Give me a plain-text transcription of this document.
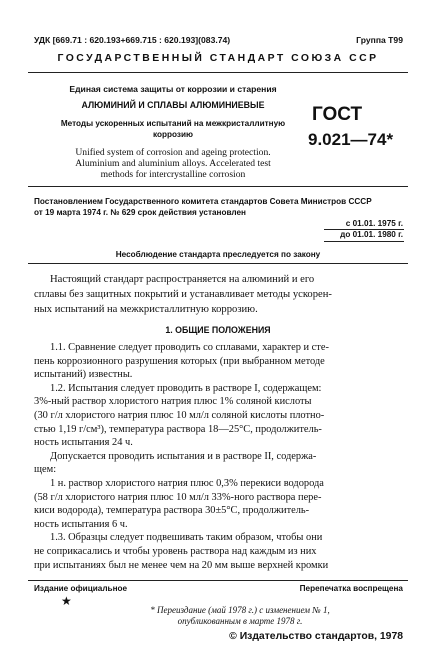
УДК [669.71 : 620.193+669.715 : 620.193](083.74)	Группа Т99
ГОСУДАРСТВЕННЫЙ СТАНДАРТ СОЮЗА ССР
Единая система защиты от коррозии и старения
АЛЮМИНИЙ И СПЛАВЫ АЛЮМИНИЕВЫЕ
Методы ускоренных испытаний на межкристаллитную
коррозию
Unified system of corrosion and ageing protection.
Aluminium and aluminium alloys. Accelerated test
methods for intercrystalline corrosion
ГОСТ
9.021—74*
Постановлением Государственного комитета стандартов Совета Министров СССР
от 19 марта 1974 г. № 629 срок действия установлен
с 01.01. 1975 г.
до 01.01. 1980 г.
Несоблюдение стандарта преследуется по закону

Настоящий стандарт распространяется на алюминий и его

сплавы без защитных покрытий и устанавливает методы ускорен-

ных испытаний на межкристаллитную коррозию.

1. ОБЩИЕ ПОЛОЖЕНИЯ

1.1. Сравнение следует проводить со сплавами, характер и сте-

пень коррозионного разрушения которых (при выбранном методе

испытаний) известны.

1.2. Испытания следует проводить в растворе I, содержащем:

3%-ный раствор хлористого натрия плюс 1% соляной кислоты

(30 г/л хлористого натрия плюс 10 мл/л соляной кислоты плотно-

стью 1,19 г/см³), температура раствора 18—25°C, продолжитель-

ность испытания 24 ч.

Допускается проводить испытания и в растворе II, содержа-

щем:

1 н. раствор хлористого натрия плюс 0,3% перекиси водорода

(58 г/л хлористого натрия плюс 10 мл/л 33%-ного раствора пере-

киси водорода), температура раствора 30±5°C, продолжитель-

ность испытания 6 ч.

1.3. Образцы следует подвешивать таким образом, чтобы они

не соприкасались и чтобы уровень раствора над каждым из них

при испытаниях был не менее чем на 20 мм выше верхней кромки

Издание официальное
★
Перепечатка воспрещена
* Переиздание (май 1978 г.) с изменением № 1,
опубликованным в марте 1978 г.
© Издательство стандартов, 1978
